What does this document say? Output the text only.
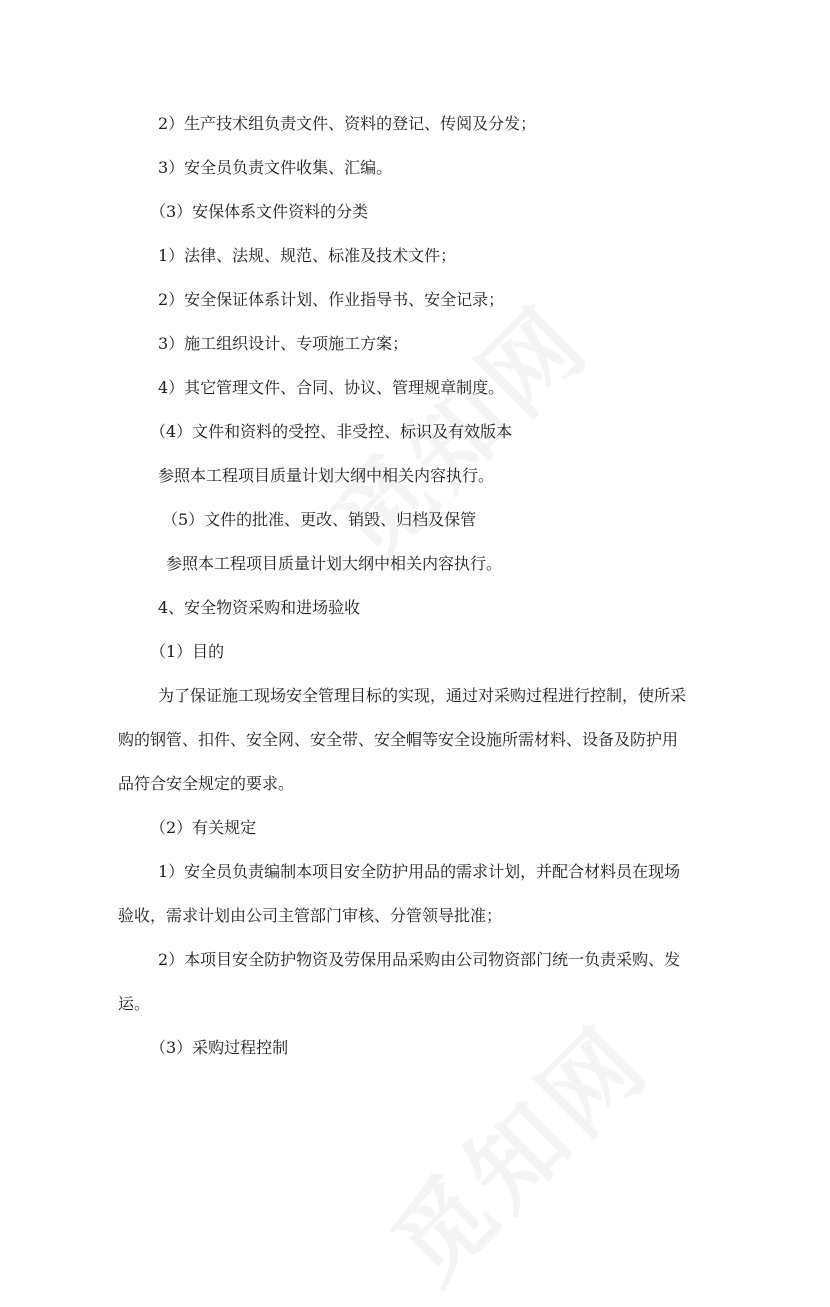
2）生产技术组负责文件、资料的登记、传阅及分发；
3）安全员负责文件收集、汇编。
（3）安保体系文件资料的分类
1）法律、法规、规范、标准及技术文件；
2）安全保证体系计划、作业指导书、安全记录；
3）施工组织设计、专项施工方案；
4）其它管理文件、合同、协议、管理规章制度。
（4）文件和资料的受控、非受控、标识及有效版本
参照本工程项目质量计划大纲中相关内容执行。
（5）文件的批准、更改、销毁、归档及保管
参照本工程项目质量计划大纲中相关内容执行。
4、安全物资采购和进场验收
（1）目的
为了保证施工现场安全管理目标的实现，通过对采购过程进行控制，使所采
购的钢管、扣件、安全网、安全带、安全帽等安全设施所需材料、设备及防护用
品符合安全规定的要求。
（2）有关规定
1）安全员负责编制本项目安全防护用品的需求计划，并配合材料员在现场
验收，需求计划由公司主管部门审核、分管领导批准；
2）本项目安全防护物资及劳保用品采购由公司物资部门统一负责采购、发
运。
（3）采购过程控制
